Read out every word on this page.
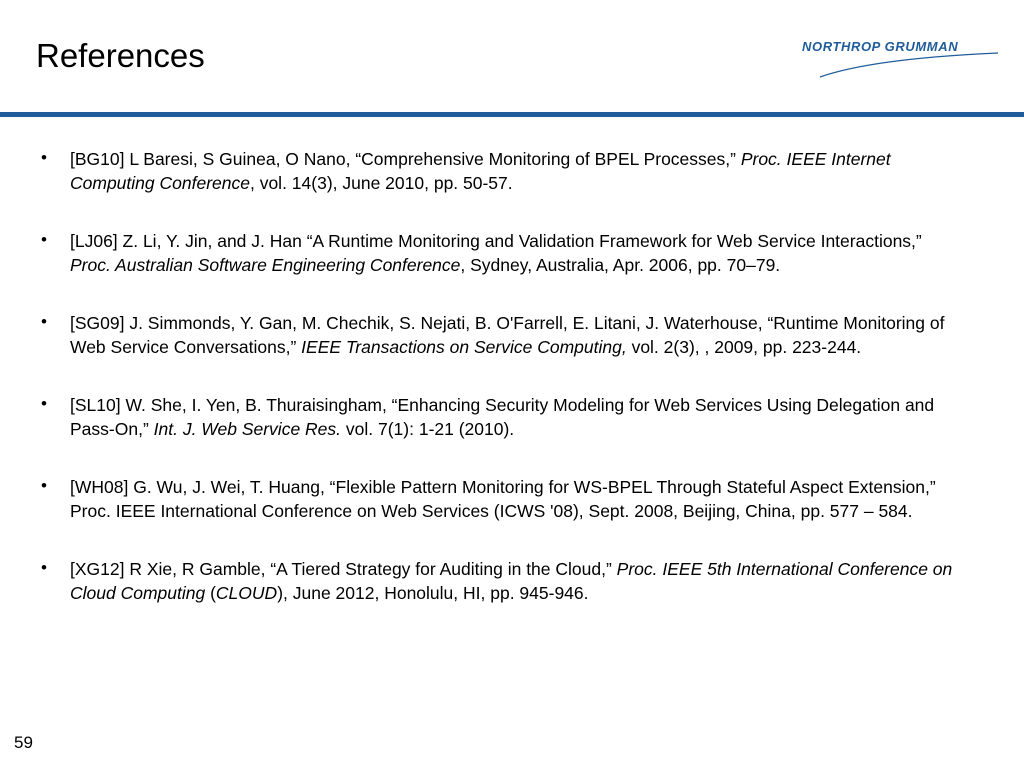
References	NORTHROP GRUMMAN
• [BG10] L Baresi, S Guinea, O Nano, “Comprehensive Monitoring of BPEL Processes,” Proc. IEEE Internet Computing Conference, vol. 14(3), June 2010, pp. 50-57.
• [LJ06] Z. Li, Y. Jin, and J. Han “A Runtime Monitoring and Validation Framework for Web Service Interactions,” Proc. Australian Software Engineering Conference, Sydney, Australia, Apr. 2006, pp. 70–79.
• [SG09] J. Simmonds, Y. Gan, M. Chechik, S. Nejati, B. O'Farrell, E. Litani, J. Waterhouse, “Runtime Monitoring of Web Service Conversations,” IEEE Transactions on Service Computing, vol. 2(3), , 2009, pp. 223-244.
• [SL10] W. She, I. Yen, B. Thuraisingham, “Enhancing Security Modeling for Web Services Using Delegation and Pass-On,” Int. J. Web Service Res. vol. 7(1): 1-21 (2010).
• [WH08] G. Wu, J. Wei, T. Huang, “Flexible Pattern Monitoring for WS-BPEL Through Stateful Aspect Extension,” Proc. IEEE International Conference on Web Services (ICWS '08), Sept. 2008, Beijing, China, pp. 577 – 584.
• [XG12] R Xie, R Gamble, “A Tiered Strategy for Auditing in the Cloud,” Proc. IEEE 5th International Conference on Cloud Computing (CLOUD), June 2012, Honolulu, HI, pp. 945-946.
59
